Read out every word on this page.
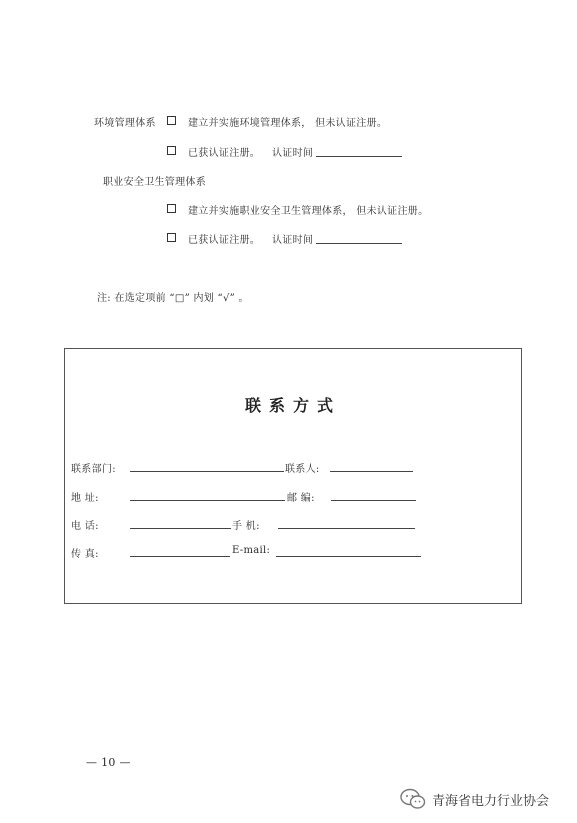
环境管理体系	建立并实施环境管理体系， 但未认证注册。
已获认证注册。 认证时间
职业安全卫生管理体系
建立并实施职业安全卫生管理体系， 但未认证注册。
已获认证注册。 认证时间
注: 在选定项前 “□” 内划 “√” 。
联系方式
联系部门:	联系人:
地 址:	邮 编:
电 话:	手 机:
传 真:	E-mail:
— 10 —
青海省电力行业协会
